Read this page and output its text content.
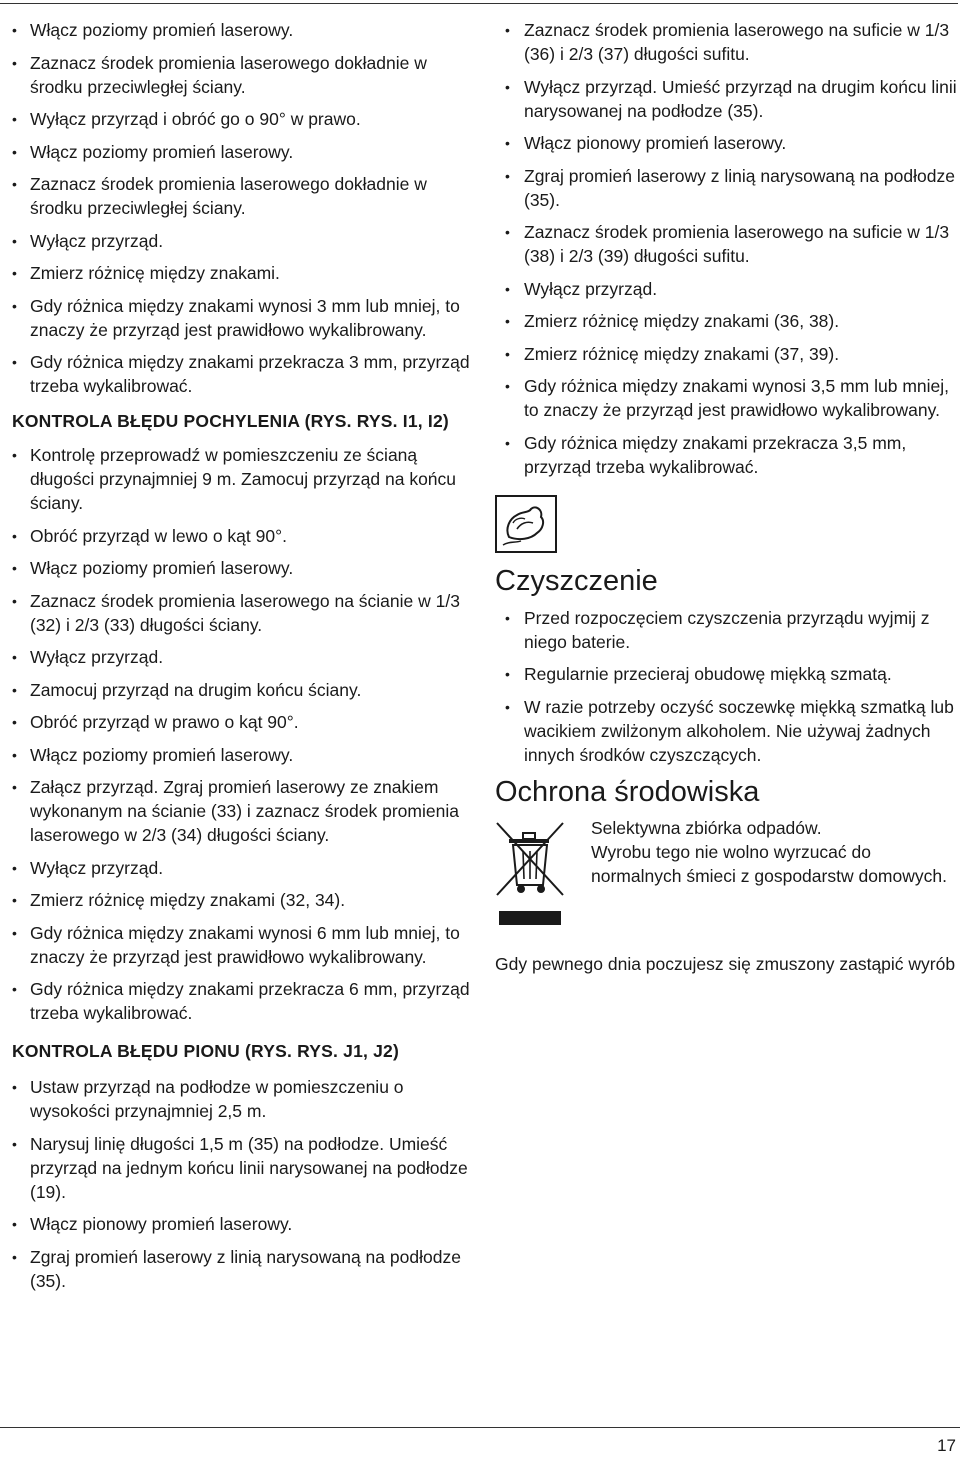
• Włącz poziomy promień laserowy.
• Zaznacz środek promienia laserowego dokładnie w środku przeciwległej ściany.
• Wyłącz przyrząd i obróć go o 90° w prawo.
• Włącz poziomy promień laserowy.
• Zaznacz środek promienia laserowego dokładnie w środku przeciwległej ściany.
• Wyłącz przyrząd.
• Zmierz różnicę między znakami.
• Gdy różnica między znakami wynosi 3 mm lub mniej, to znaczy że przyrząd jest prawidłowo wykalibrowany.
• Gdy różnica między znakami przekracza 3 mm, przyrząd trzeba wykalibrować.
KONTROLA BŁĘDU POCHYLENIA (RYS. RYS. I1, I2)
• Kontrolę przeprowadź w pomieszczeniu ze ścianą długości przynajmniej 9 m. Zamocuj przyrząd na końcu ściany.
• Obróć przyrząd w lewo o kąt 90°.
• Włącz poziomy promień laserowy.
• Zaznacz środek promienia laserowego na ścianie w 1/3 (32) i 2/3 (33) długości ściany.
• Wyłącz przyrząd.
• Zamocuj przyrząd na drugim końcu ściany.
• Obróć przyrząd w prawo o kąt 90°.
• Włącz poziomy promień laserowy.
• Załącz przyrząd. Zgraj promień laserowy ze znakiem wykonanym na ścianie (33) i zaznacz środek promienia laserowego w 2/3 (34) długości ściany.
• Wyłącz przyrząd.
• Zmierz różnicę między znakami (32, 34).
• Gdy różnica między znakami wynosi 6 mm lub mniej, to znaczy że przyrząd jest prawidłowo wykalibrowany.
• Gdy różnica między znakami przekracza 6 mm, przyrząd trzeba wykalibrować.
KONTROLA BŁĘDU PIONU (RYS. RYS. J1, J2)
• Ustaw przyrząd na podłodze w pomieszczeniu o wysokości przynajmniej 2,5 m.
• Narysuj linię długości 1,5 m (35) na podłodze. Umieść przyrząd na jednym końcu linii narysowanej na podłodze (19).
• Włącz pionowy promień laserowy.
• Zgraj promień laserowy z linią narysowaną na podłodze (35).
• Zaznacz środek promienia laserowego na suficie w 1/3 (36) i 2/3 (37) długości sufitu.
• Wyłącz przyrząd. Umieść przyrząd na drugim końcu linii narysowanej na podłodze (35).
• Włącz pionowy promień laserowy.
• Zgraj promień laserowy z linią narysowaną na podłodze (35).
• Zaznacz środek promienia laserowego na suficie w 1/3 (38) i 2/3 (39) długości sufitu.
• Wyłącz przyrząd.
• Zmierz różnicę między znakami (36, 38).
• Zmierz różnicę między znakami (37, 39).
• Gdy różnica między znakami wynosi 3,5 mm lub mniej, to znaczy że przyrząd jest prawidłowo wykalibrowany.
• Gdy różnica między znakami przekracza 3,5 mm, przyrząd trzeba wykalibrować.
Czyszczenie
• Przed rozpoczęciem czyszczenia przyrządu wyjmij z niego baterie.
• Regularnie przecieraj obudowę miękką szmatą.
• W razie potrzeby oczyść soczewkę miękką szmatką lub wacikiem zwilżonym alkoholem. Nie używaj żadnych innych środków czyszczących.
Ochrona środowiska

Selektywna zbiórka odpadów.

Wyrobu tego nie wolno wyrzucać do normalnych śmieci z gospodarstw domowych.

Gdy pewnego dnia poczujesz się zmuszony zastąpić wyrób
17
